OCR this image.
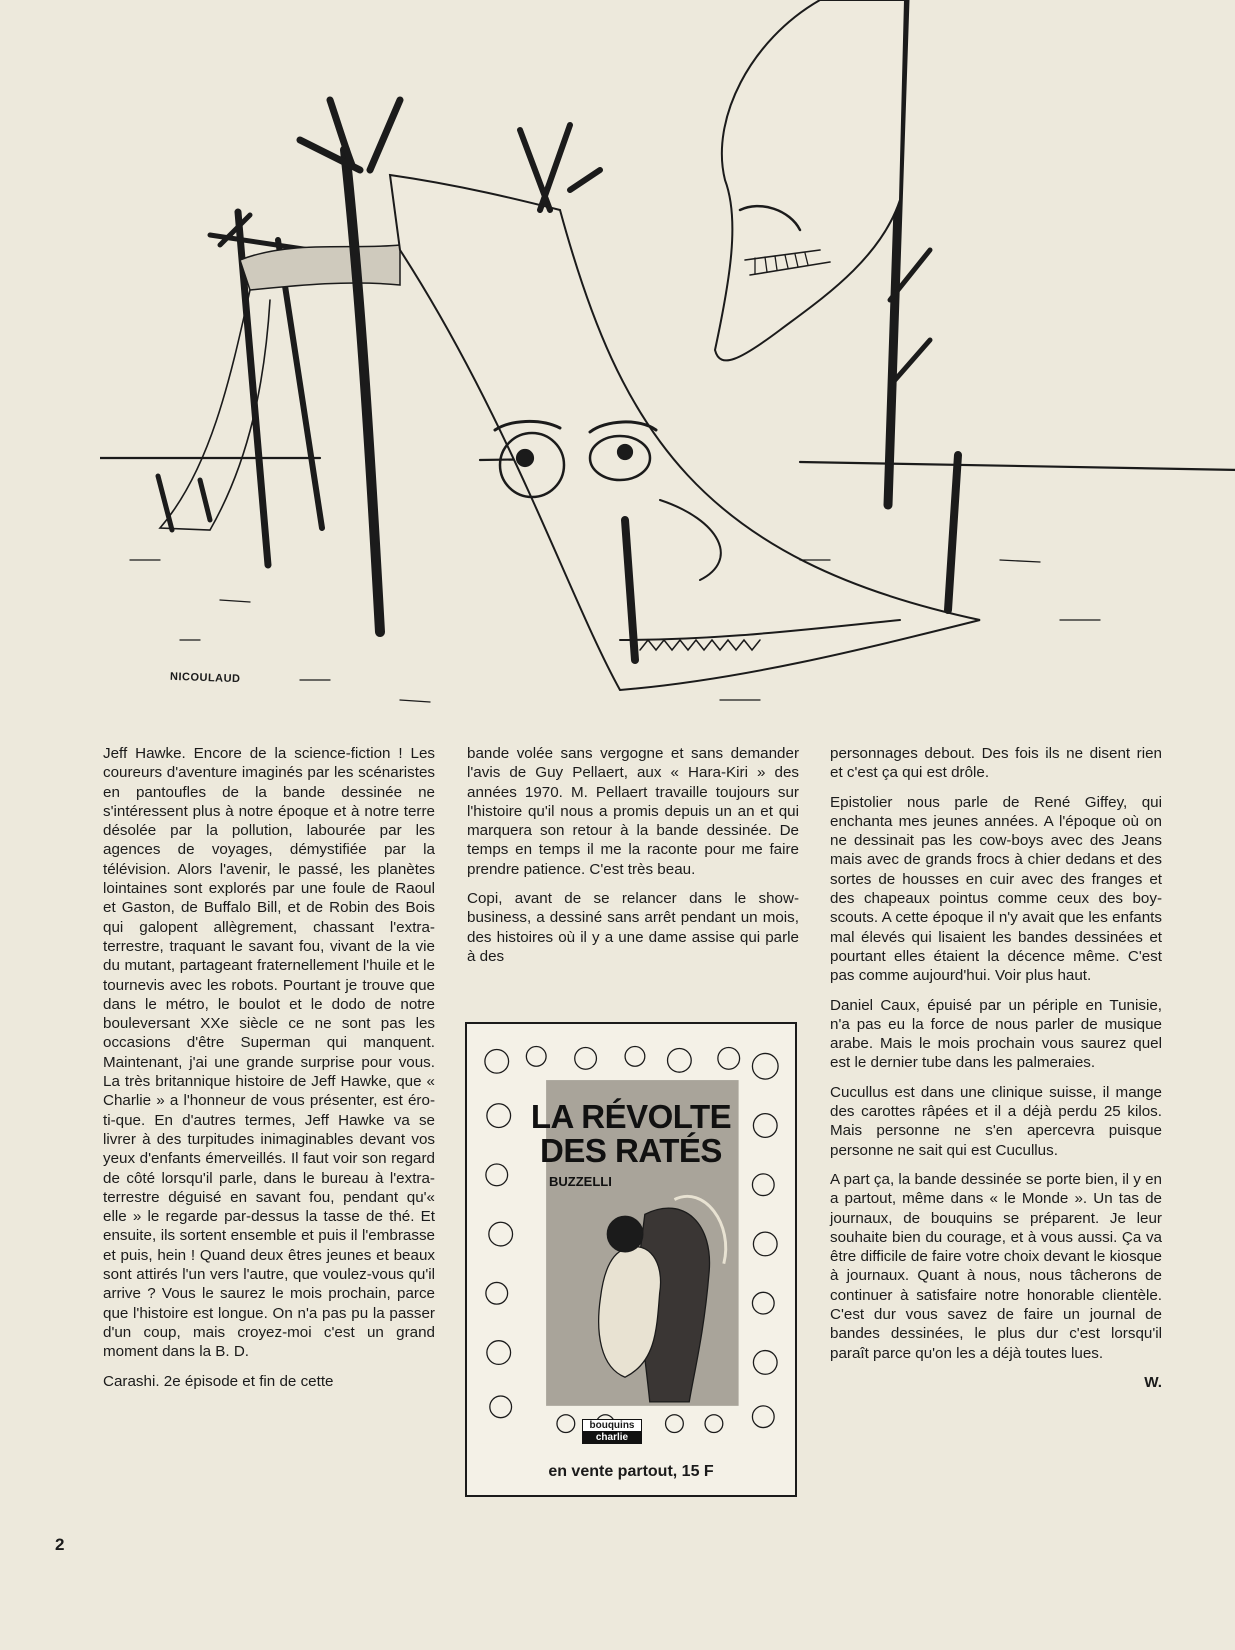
NICOULAUD

Jeff Hawke. Encore de la science-fiction ! Les coureurs d'aventure imaginés par les scénaristes en pantoufles de la bande dessinée ne s'intéressent plus à notre époque et à notre terre désolée par la pollution, labourée par les agences de voyages, démystifiée par la télévision. Alors l'avenir, le passé, les planètes lointaines sont explorés par une foule de Raoul et Gaston, de Buffalo Bill, et de Robin des Bois qui galopent allègrement, chassant l'extra-terrestre, traquant le savant fou, vivant de la vie du mutant, partageant fraternellement l'huile et le tournevis avec les robots. Pourtant je trouve que dans le métro, le boulot et le dodo de notre bouleversant XXe siècle ce ne sont pas les occasions d'être Superman qui manquent. Maintenant, j'ai une grande surprise pour vous. La très britannique histoire de Jeff Hawke, que « Charlie » a l'honneur de vous présenter, est éro-ti-que. En d'autres termes, Jeff Hawke va se livrer à des turpitudes inimaginables devant vos yeux d'enfants émerveillés. Il faut voir son regard de côté lorsqu'il parle, dans le bureau à l'extra-terrestre déguisé en savant fou, pendant qu'« elle » le regarde par-dessus la tasse de thé. Et ensuite, ils sortent ensemble et puis il l'embrasse et puis, hein ! Quand deux êtres jeunes et beaux sont attirés l'un vers l'autre, que voulez-vous qu'il arrive ? Vous le saurez le mois prochain, parce que l'histoire est longue. On n'a pas pu la passer d'un coup, mais croyez-moi c'est un grand moment dans la B. D.

Carashi. 2e épisode et fin de cette

bande volée sans vergogne et sans demander l'avis de Guy Pellaert, aux « Hara-Kiri » des années 1970. M. Pellaert travaille toujours sur l'histoire qu'il nous a promis depuis un an et qui marquera son retour à la bande dessinée. De temps en temps il me la raconte pour me faire prendre patience. C'est très beau.

Copi, avant de se relancer dans le show-business, a dessiné sans arrêt pendant un mois, des histoires où il y a une dame assise qui parle à des

personnages debout. Des fois ils ne disent rien et c'est ça qui est drôle.

Epistolier nous parle de René Giffey, qui enchanta mes jeunes années. A l'époque où on ne dessinait pas les cow-boys avec des Jeans mais avec de grands frocs à chier dedans et des sortes de housses en cuir avec des franges et des chapeaux pointus comme ceux des boy-scouts. A cette époque il n'y avait que les enfants mal élevés qui lisaient les bandes dessinées et pourtant elles étaient la décence même. C'est pas comme aujourd'hui. Voir plus haut.

Daniel Caux, épuisé par un périple en Tunisie, n'a pas eu la force de nous parler de musique arabe. Mais le mois prochain vous saurez quel est le dernier tube dans les palmeraies.

Cucullus est dans une clinique suisse, il mange des carottes râpées et il a déjà perdu 25 kilos. Mais personne ne s'en apercevra puisque personne ne sait qui est Cucullus.

A part ça, la bande dessinée se porte bien, il y en a partout, même dans « le Monde ». Un tas de journaux, de bouquins se préparent. Je leur souhaite bien du courage, et à vous aussi. Ça va être difficile de faire votre choix devant le kiosque à journaux. Quant à nous, nous tâcherons de continuer à satisfaire notre honorable clientèle. C'est dur vous savez de faire un journal de bandes dessinées, le plus dur c'est lorsqu'il paraît parce qu'on les a déjà toutes lues.

W.
LA RÉVOLTE
DES RATÉS
BUZZELLI
bouquins
charlie
en vente partout, 15 F
2
